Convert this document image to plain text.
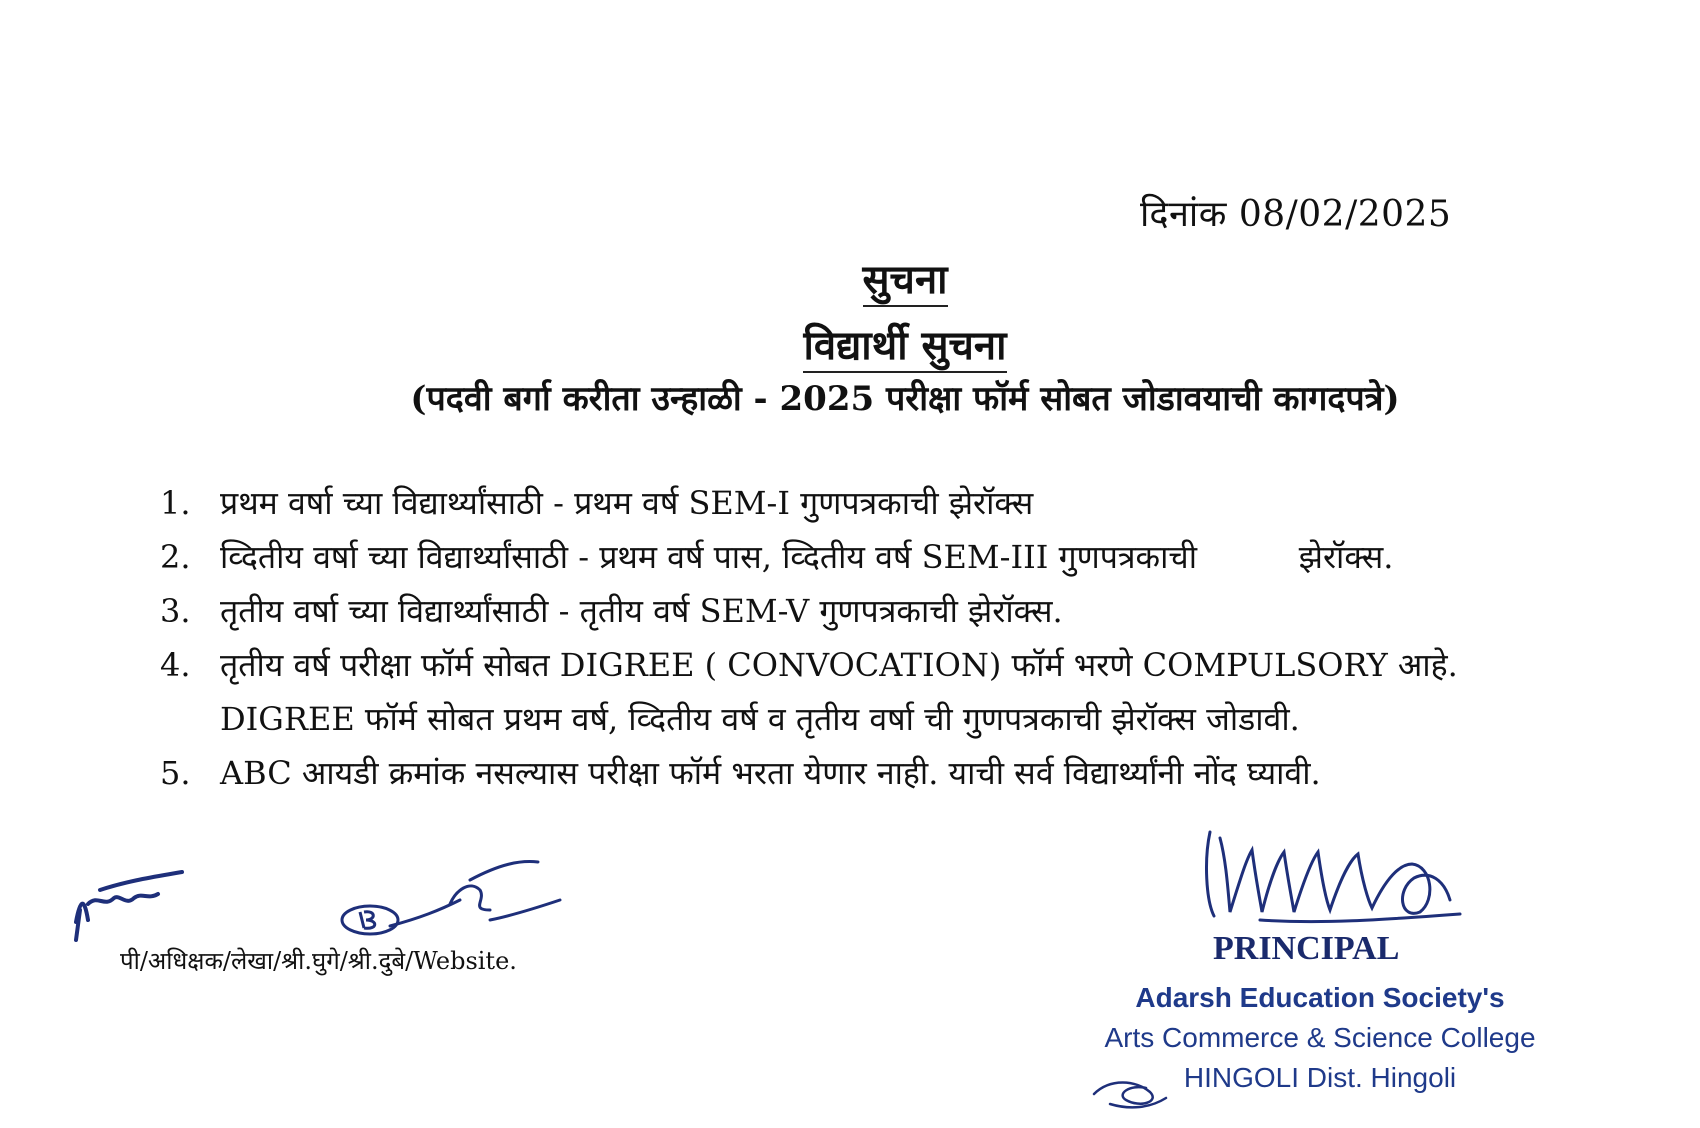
दिनांक 08/02/2025
सुचना
विद्यार्थी सुचना
(पदवी बर्गा करीता उन्हाळी - 2025 परीक्षा फॉर्म सोबत जोडावयाची कागदपत्रे)
1. प्रथम वर्षा च्या विद्यार्थ्यांसाठी - प्रथम वर्ष SEM-I गुणपत्रकाची झेरॉक्स
2. व्दितीय वर्षा च्या विद्यार्थ्यांसाठी - प्रथम वर्ष पास, व्दितीय वर्ष SEM-III गुणपत्रकाची          झेरॉक्स.
3. तृतीय वर्षा च्या विद्यार्थ्यांसाठी - तृतीय वर्ष SEM-V गुणपत्रकाची झेरॉक्स.
4. तृतीय वर्ष परीक्षा फॉर्म सोबत DIGREE ( CONVOCATION) फॉर्म भरणे COMPULSORY आहे.
DIGREE फॉर्म सोबत प्रथम वर्ष, व्दितीय वर्ष व तृतीय वर्षा ची गुणपत्रकाची झेरॉक्स जोडावी.
5. ABC आयडी क्रमांक नसल्यास परीक्षा फॉर्म भरता येणार नाही. याची सर्व विद्यार्थ्यांनी नोंद घ्यावी.
पी/अधिक्षक/लेखा/श्री.घुगे/श्री.दुबे/Website.	PRINCIPAL
Adarsh Education Society's
Arts Commerce & Science College
HINGOLI Dist. Hingoli
